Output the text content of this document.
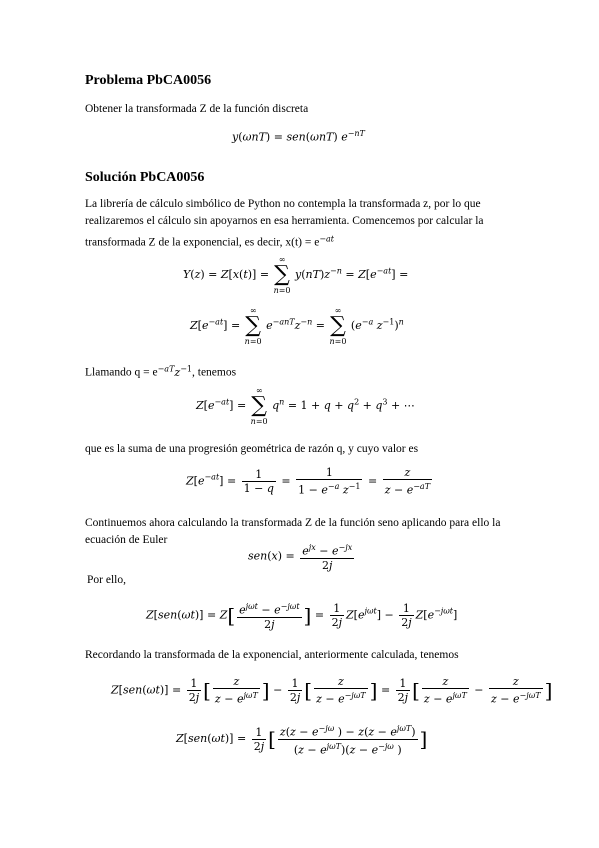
Problema PbCA0056
Obtener la transformada Z de la función discreta
y(ωnT) = sen(ωnT) $e^{-nT}$
Solución PbCA0056
La librería de cálculo simbólico de Python no contempla la transformada z, por lo que realizaremos el cálculo sin apoyarnos en esa herramienta. Comencemos por calcular la transformada Z de la exponencial, es decir, $x(t) = e^{-at}$
Y(z) = Z[x(t)] =
∞
∑
n=0
$y(nT)z^{-n} = Z[e^{-at}]$ =
$Z[e^{-at}]$ =
∞
∑
n=0
$e^{-anT}z^{-n}$ =
∞
∑
n=0
($e^{-a}$ $z^{-1})^n$
Llamando $q = e^{-aT}z^{-1}$, tenemos
$Z[e^{-at}]$ =
∞
∑
n=0
$q^n = 1 + q + q^2 + q^3$ + ⋯
que es la suma de una progresión geométrica de razón q, y cuyo valor es
$Z[e^{-at}] = \frac{1}{1 - q} = \frac{1}{1 - e^{-a} z^{-1}} = \frac{z}{z - e^{-aT}}$
Continuemos ahora calculando la transformada Z de la función seno aplicando para ello la ecuación de Euler
$sen(x) = \frac{e^{jx} - e^{-jx}}{2j}$
Por ello,
$Z[sen(\omega t)] = Z[ \frac{e^{j\omega t} - e^{-j\omega t}}{2j}$ ] = $\frac{1}{2j} Z[e^{j\omega t}] - \frac{1}{2j} Z[e^{-j\omega t}]$
Recordando la transformada de la exponencial, anteriormente calculada, tenemos
$Z[sen(\omega t)] = \frac{1}{2j}$ [ $\frac{z}{z - e^{j\omega T}}$ ] − $\frac{1}{2j}$ [ $\frac{z}{z - e^{-j\omega T}}$ ] = $\frac{1}{2j}$ [ $\frac{z}{z - e^{j\omega T}} - \frac{z}{z - e^{-j\omega T}}$ ]
$Z[sen(\omega t)] = \frac{1}{2j}$ [ $\frac{z(z - e^{-j\omega} ) - z(z - e^{j\omega T})}{(z - e^{j\omega T})(z - e^{-j\omega} )}$ ]
